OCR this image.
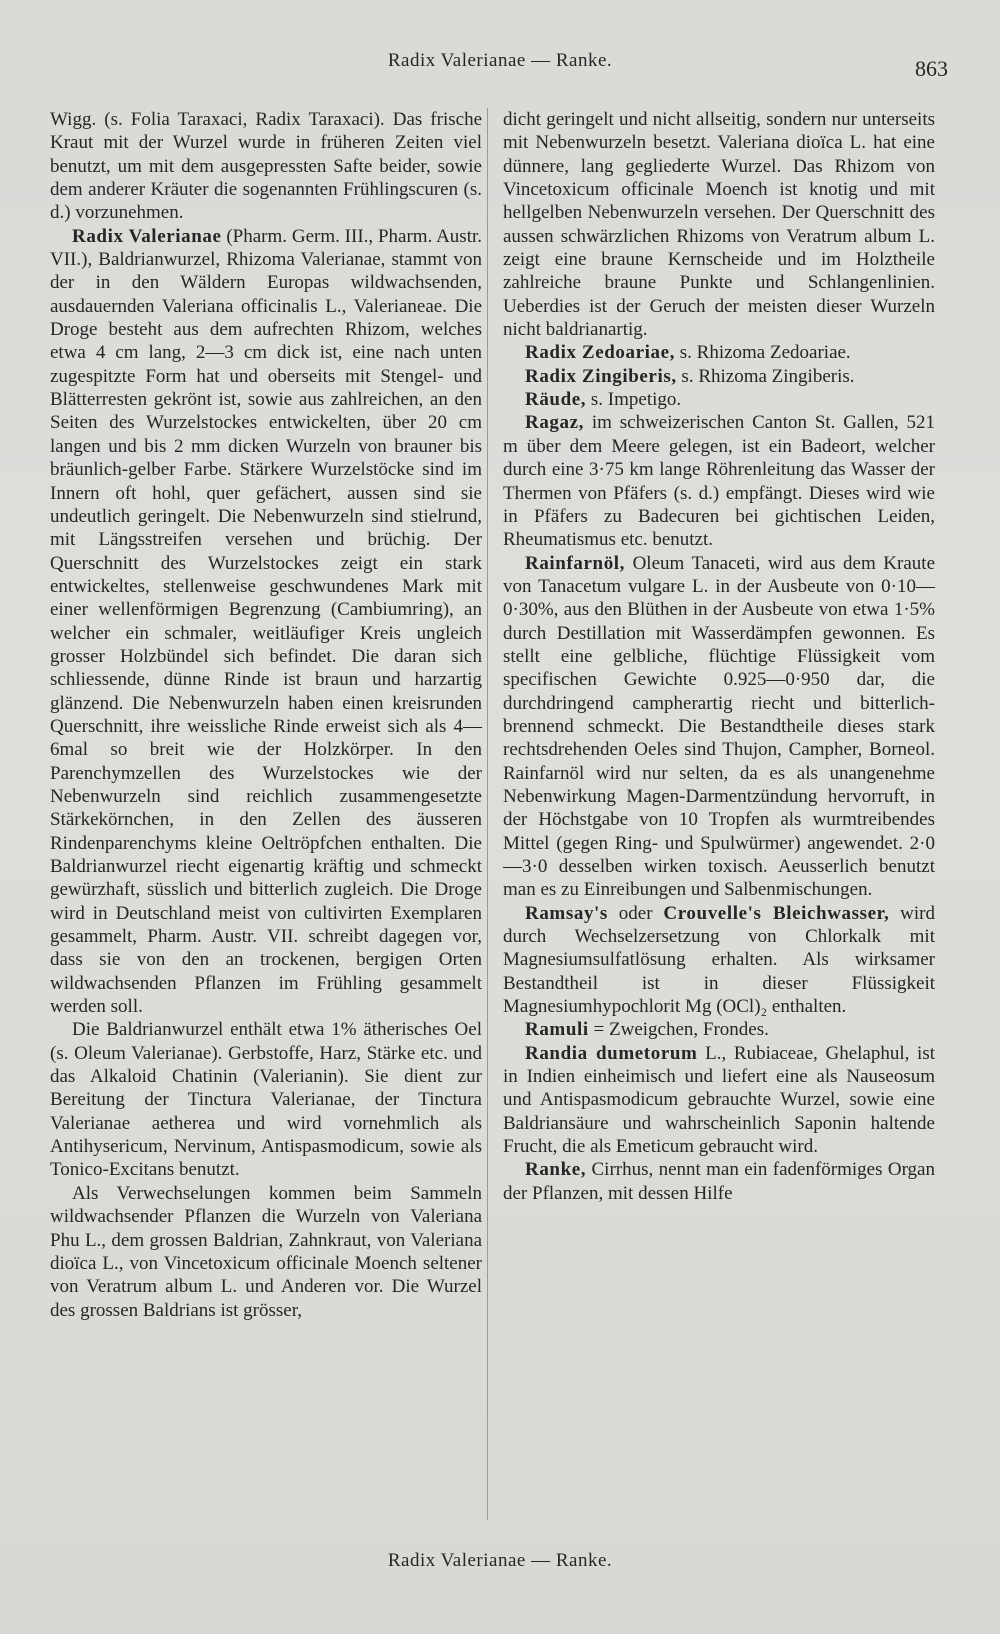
Radix Valerianae — Ranke.	863

Wigg. (s. Folia Taraxaci, Radix Taraxaci). Das frische Kraut mit der Wurzel wurde in früheren Zeiten viel benutzt, um mit dem ausgepressten Safte beider, sowie dem anderer Kräuter die sogenannten Frühlingscuren (s. d.) vorzunehmen.

Radix Valerianae (Pharm. Germ. III., Pharm. Austr. VII.), Baldrianwurzel, Rhizoma Valerianae, stammt von der in den Wäldern Europas wildwachsenden, ausdauernden Valeriana officinalis L., Valerianeae. Die Droge besteht aus dem aufrechten Rhizom, welches etwa 4 cm lang, 2—3 cm dick ist, eine nach unten zugespitzte Form hat und oberseits mit Stengel- und Blätterresten gekrönt ist, sowie aus zahlreichen, an den Seiten des Wurzelstockes entwickelten, über 20 cm langen und bis 2 mm dicken Wurzeln von brauner bis bräunlich-gelber Farbe. Stärkere Wurzelstöcke sind im Innern oft hohl, quer gefächert, aussen sind sie undeutlich geringelt. Die Nebenwurzeln sind stielrund, mit Längsstreifen versehen und brüchig. Der Querschnitt des Wurzelstockes zeigt ein stark entwickeltes, stellenweise geschwundenes Mark mit einer wellenförmigen Begrenzung (Cambiumring), an welcher ein schmaler, weitläufiger Kreis ungleich grosser Holzbündel sich befindet. Die daran sich schliessende, dünne Rinde ist braun und harzartig glänzend. Die Nebenwurzeln haben einen kreisrunden Querschnitt, ihre weissliche Rinde erweist sich als 4—6mal so breit wie der Holzkörper. In den Parenchymzellen des Wurzelstockes wie der Nebenwurzeln sind reichlich zusammengesetzte Stärkekörnchen, in den Zellen des äusseren Rindenparenchyms kleine Oeltröpfchen enthalten. Die Baldrianwurzel riecht eigenartig kräftig und schmeckt gewürzhaft, süsslich und bitterlich zugleich. Die Droge wird in Deutschland meist von cultivirten Exemplaren gesammelt, Pharm. Austr. VII. schreibt dagegen vor, dass sie von den an trockenen, bergigen Orten wildwachsenden Pflanzen im Frühling gesammelt werden soll.

Die Baldrianwurzel enthält etwa 1% ätherisches Oel (s. Oleum Valerianae). Gerbstoffe, Harz, Stärke etc. und das Alkaloid Chatinin (Valerianin). Sie dient zur Bereitung der Tinctura Valerianae, der Tinctura Valerianae aetherea und wird vornehmlich als Antihysericum, Nervinum, Antispasmodicum, sowie als Tonico-Excitans benutzt.

Als Verwechselungen kommen beim Sammeln wildwachsender Pflanzen die Wurzeln von Valeriana Phu L., dem grossen Baldrian, Zahnkraut, von Valeriana dioïca L., von Vincetoxicum officinale Moench seltener von Veratrum album L. und Anderen vor. Die Wurzel des grossen Baldrians ist grösser,

dicht geringelt und nicht allseitig, sondern nur unterseits mit Nebenwurzeln besetzt. Valeriana dioïca L. hat eine dünnere, lang gegliederte Wurzel. Das Rhizom von Vincetoxicum officinale Moench ist knotig und mit hellgelben Nebenwurzeln versehen. Der Querschnitt des aussen schwärzlichen Rhizoms von Veratrum album L. zeigt eine braune Kernscheide und im Holztheile zahlreiche braune Punkte und Schlangenlinien. Ueberdies ist der Geruch der meisten dieser Wurzeln nicht baldrianartig.

Radix Zedoariae, s. Rhizoma Zedoariae.

Radix Zingiberis, s. Rhizoma Zingiberis.

Räude, s. Impetigo.

Ragaz, im schweizerischen Canton St. Gallen, 521 m über dem Meere gelegen, ist ein Badeort, welcher durch eine 3·75 km lange Röhrenleitung das Wasser der Thermen von Pfäfers (s. d.) empfängt. Dieses wird wie in Pfäfers zu Badecuren bei gichtischen Leiden, Rheumatismus etc. benutzt.

Rainfarnöl, Oleum Tanaceti, wird aus dem Kraute von Tanacetum vulgare L. in der Ausbeute von 0·10—0·30%, aus den Blüthen in der Ausbeute von etwa 1·5% durch Destillation mit Wasserdämpfen gewonnen. Es stellt eine gelbliche, flüchtige Flüssigkeit vom specifischen Gewichte 0.925—0·950 dar, die durchdringend campherartig riecht und bitterlich-brennend schmeckt. Die Bestandtheile dieses stark rechtsdrehenden Oeles sind Thujon, Campher, Borneol. Rainfarnöl wird nur selten, da es als unangenehme Nebenwirkung Magen-Darmentzündung hervorruft, in der Höchstgabe von 10 Tropfen als wurmtreibendes Mittel (gegen Ring- und Spulwürmer) angewendet. 2·0—3·0 desselben wirken toxisch. Aeusserlich benutzt man es zu Einreibungen und Salbenmischungen.

Ramsay's oder Crouvelle's Bleichwasser, wird durch Wechselzersetzung von Chlorkalk mit Magnesiumsulfatlösung erhalten. Als wirksamer Bestandtheil ist in dieser Flüssigkeit Magnesiumhypochlorit Mg (OCl)₂ enthalten.

Ramuli = Zweigchen, Frondes.

Randia dumetorum L., Rubiaceae, Ghelaphul, ist in Indien einheimisch und liefert eine als Nauseosum und Antispasmodicum gebrauchte Wurzel, sowie eine Baldriansäure und wahrscheinlich Saponin haltende Frucht, die als Emeticum gebraucht wird.

Ranke, Cirrhus, nennt man ein fadenförmiges Organ der Pflanzen, mit dessen Hilfe

Radix Valerianae — Ranke.
